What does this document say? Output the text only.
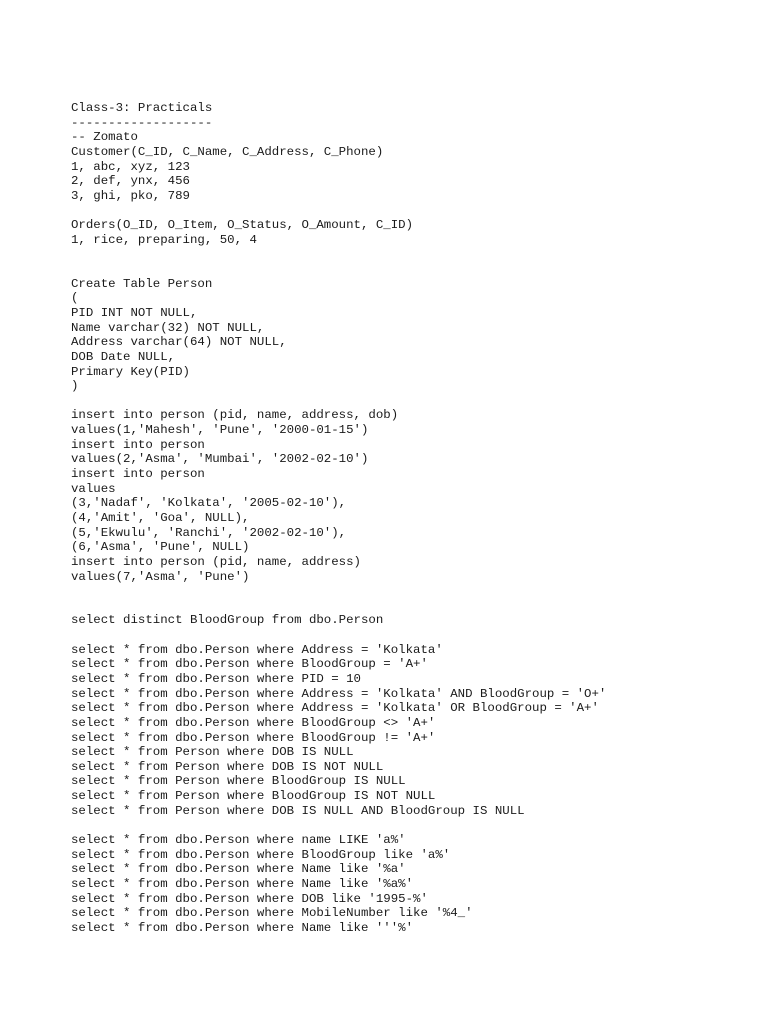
Class-3: Practicals
-------------------
-- Zomato
Customer(C_ID, C_Name, C_Address, C_Phone)
1, abc, xyz, 123
2, def, ynx, 456
3, ghi, pko, 789
Orders(O_ID, O_Item, O_Status, O_Amount, C_ID)
1, rice, preparing, 50, 4
Create Table Person
(
PID INT NOT NULL,
Name varchar(32) NOT NULL,
Address varchar(64) NOT NULL,
DOB Date NULL,
Primary Key(PID)
)
insert into person (pid, name, address, dob)
values(1,'Mahesh', 'Pune', '2000-01-15')
insert into person
values(2,'Asma', 'Mumbai', '2002-02-10')
insert into person
values
(3,'Nadaf', 'Kolkata', '2005-02-10'),
(4,'Amit', 'Goa', NULL),
(5,'Ekwulu', 'Ranchi', '2002-02-10'),
(6,'Asma', 'Pune', NULL)
insert into person (pid, name, address)
values(7,'Asma', 'Pune')
select distinct BloodGroup from dbo.Person
select * from dbo.Person where Address = 'Kolkata'
select * from dbo.Person where BloodGroup = 'A+'
select * from dbo.Person where PID = 10
select * from dbo.Person where Address = 'Kolkata' AND BloodGroup = 'O+'
select * from dbo.Person where Address = 'Kolkata' OR BloodGroup = 'A+'
select * from dbo.Person where BloodGroup <> 'A+'
select * from dbo.Person where BloodGroup != 'A+'
select * from Person where DOB IS NULL
select * from Person where DOB IS NOT NULL
select * from Person where BloodGroup IS NULL
select * from Person where BloodGroup IS NOT NULL
select * from Person where DOB IS NULL AND BloodGroup IS NULL
select * from dbo.Person where name LIKE 'a%'
select * from dbo.Person where BloodGroup like 'a%'
select * from dbo.Person where Name like '%a'
select * from dbo.Person where Name like '%a%'
select * from dbo.Person where DOB like '1995-%'
select * from dbo.Person where MobileNumber like '%4_'
select * from dbo.Person where Name like '''%'
